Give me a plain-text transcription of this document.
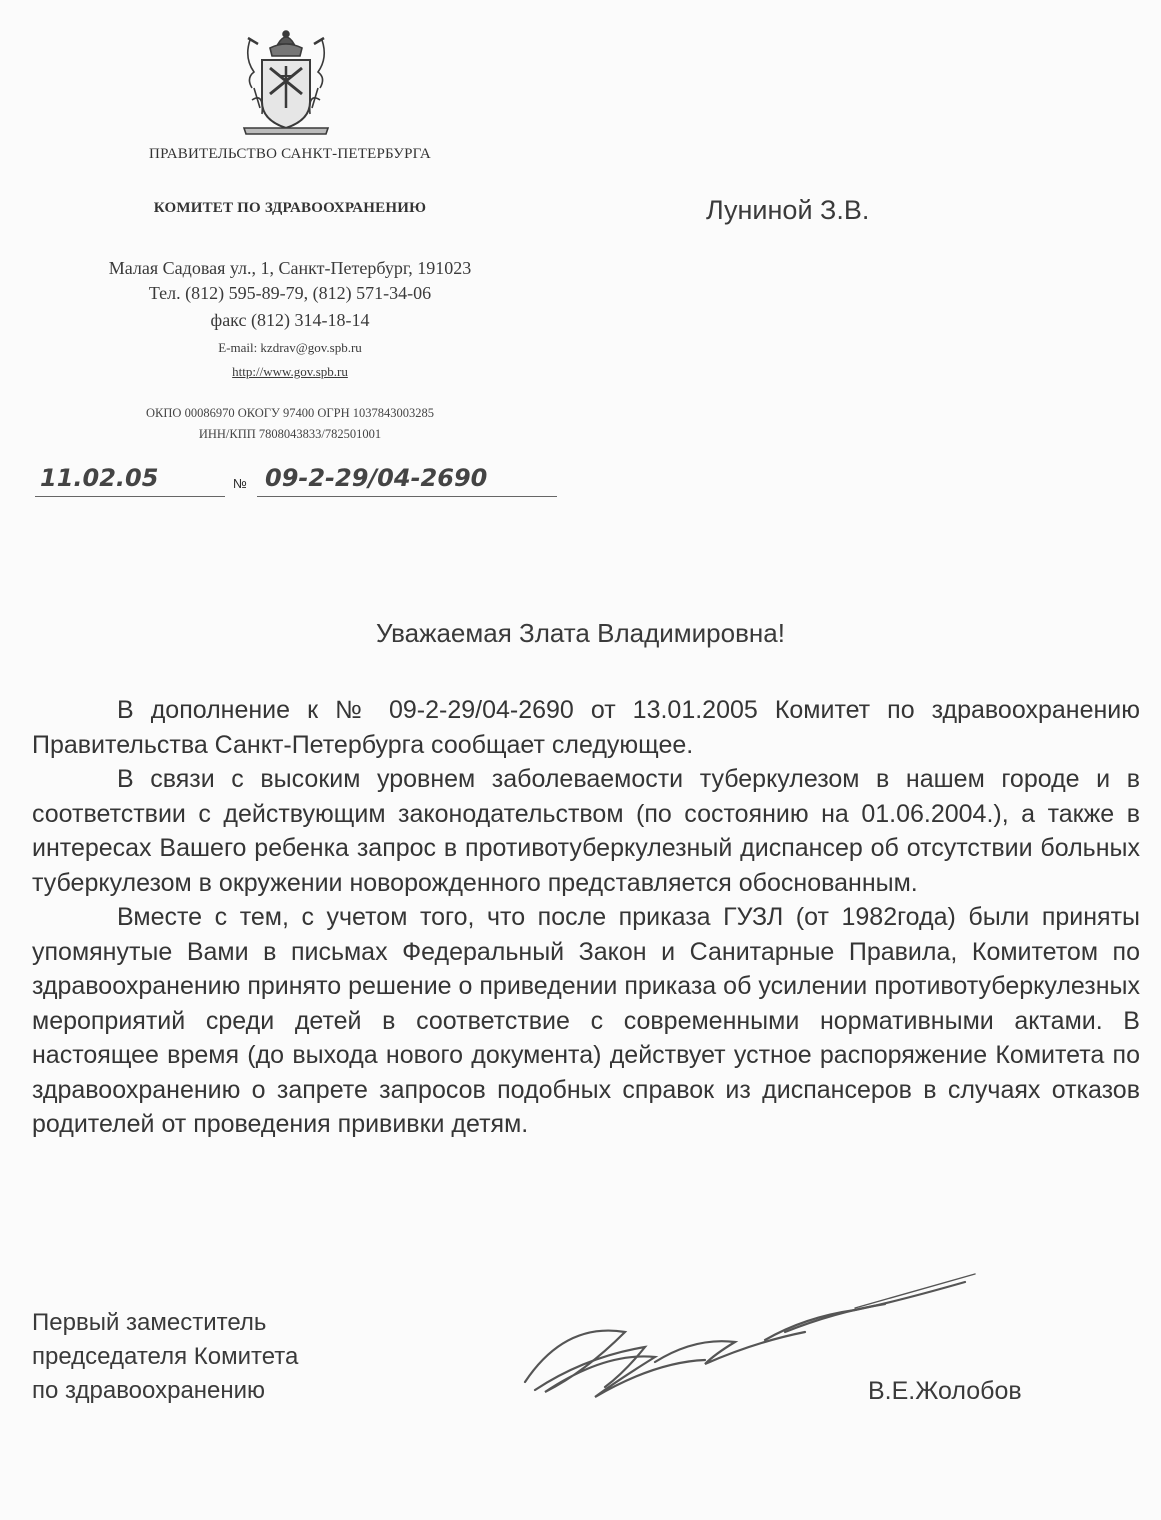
ПРАВИТЕЛЬСТВО САНКТ-ПЕТЕРБУРГА
КОМИТЕТ ПО ЗДРАВООХРАНЕНИЮ
Малая Садовая ул., 1, Санкт-Петербург, 191023
Тел. (812) 595-89-79, (812) 571-34-06
факс (812) 314-18-14
E-mail: kzdrav@gov.spb.ru
http://www.gov.spb.ru
ОКПО 00086970 ОКОГУ 97400 ОГРН 1037843003285
ИНН/КПП 7808043833/782501001
11.02.05	№ 09-2-29/04-2690
Луниной З.В.
Уважаемая Злата Владимировна!

В дополнение к № 09-2-29/04-2690 от 13.01.2005 Комитет по здравоохранению Правительства Санкт-Петербурга сообщает следующее.

В связи с высоким уровнем заболеваемости туберкулезом в нашем городе и в соответствии с действующим законодательством (по состоянию на 01.06.2004.), а также в интересах Вашего ребенка запрос в противотуберкулезный диспансер об отсутствии больных туберкулезом в окружении новорожденного представляется обоснованным.

Вместе с тем, с учетом того, что после приказа ГУЗЛ (от 1982года) были приняты упомянутые Вами в письмах Федеральный Закон и Санитарные Правила, Комитетом по здравоохранению принято решение о приведении приказа об усилении противотуберкулезных мероприятий среди детей в соответствие с современными нормативными актами. В настоящее время (до выхода нового документа) действует устное распоряжение Комитета по здравоохранению о запрете запросов подобных справок из диспансеров в случаях отказов родителей от проведения прививки детям.

Первый заместитель
председателя Комитета
по здравоохранению	В.Е.Жолобов
